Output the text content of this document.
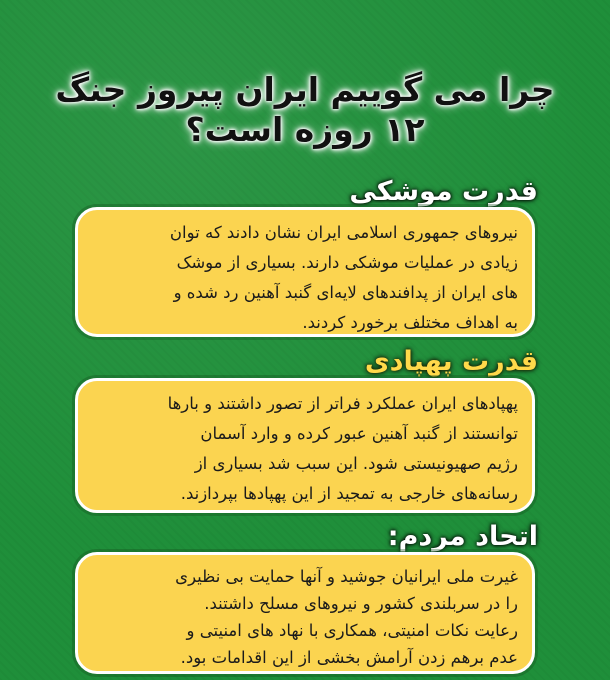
چرا می گوییم ایران پیروز جنگ ۱۲ روزه است؟
قدرت موشکی
نیروهای جمهوری اسلامی ایران نشان دادند که توان
زیادی در عملیات موشکی دارند. بسیاری از موشک
های ایران از پدافندهای لایه‌ای گنبد آهنین رد شده و
به اهداف مختلف برخورد کردند.
قدرت پهپادی
پهپادهای ایران عملکرد فراتر از تصور داشتند و بارها
توانستند از گنبد آهنین عبور کرده و وارد آسمان
رژیم صهیونیستی شود. این سبب شد بسیاری از
رسانه‌های خارجی به تمجید از این پهپادها بپردازند.
اتحاد مردم:
غیرت ملی ایرانیان جوشید و آنها حمایت بی نظیری
را در سربلندی کشور و نیروهای مسلح داشتند.
رعایت نکات امنیتی، همکاری با نهاد های امنیتی و
عدم برهم زدن آرامش بخشی از این اقدامات بود.
